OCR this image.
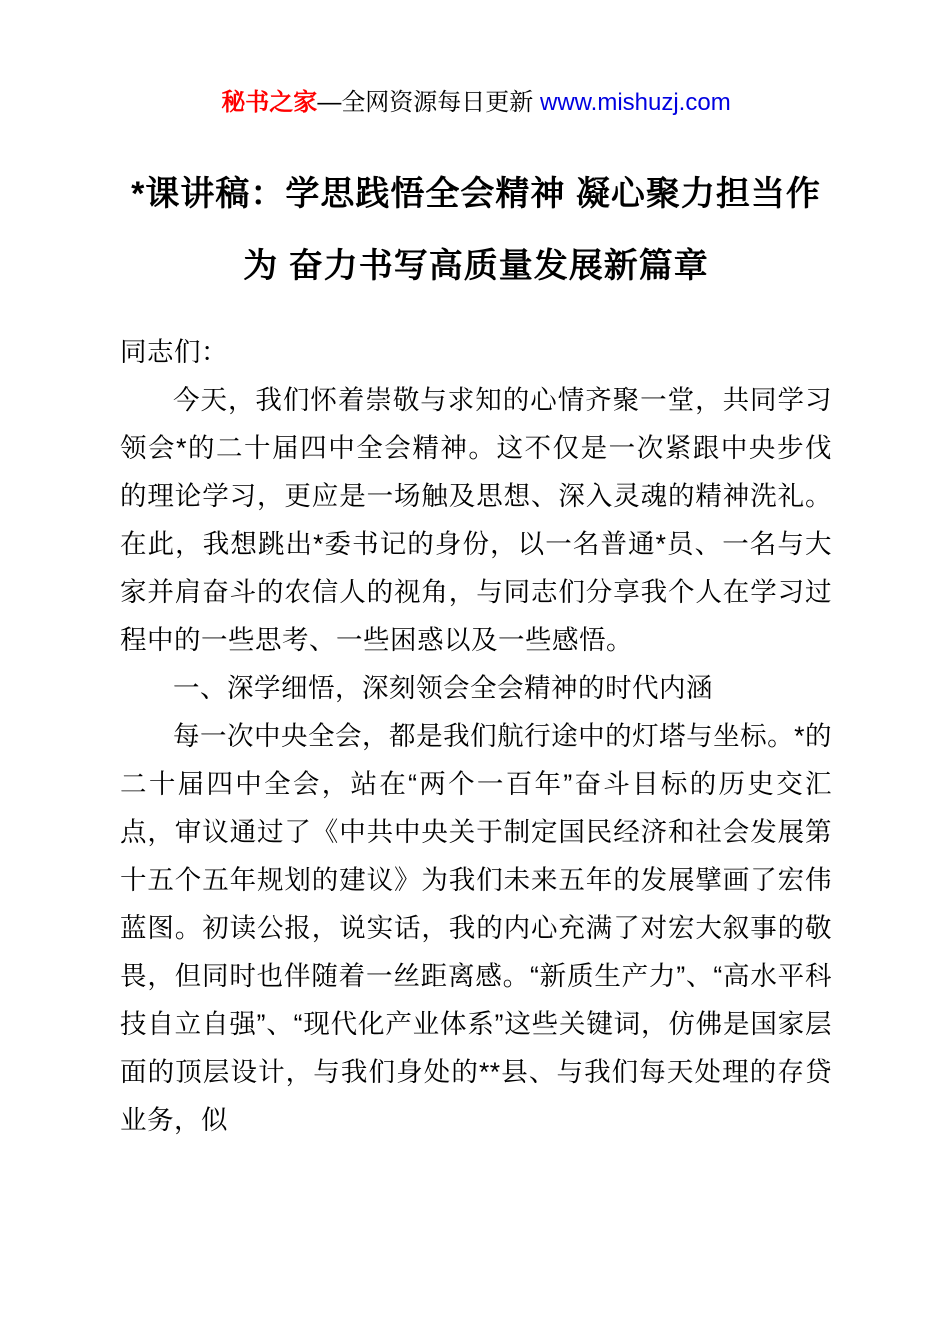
秘书之家—全网资源每日更新 www.mishuzj.com
*课讲稿：学思践悟全会精神 凝心聚力担当作为 奋力书写高质量发展新篇章

同志们：

今天，我们怀着崇敬与求知的心情齐聚一堂，共同学习领会*的二十届四中全会精神。这不仅是一次紧跟中央步伐的理论学习，更应是一场触及思想、深入灵魂的精神洗礼。在此，我想跳出*委书记的身份，以一名普通*员、一名与大家并肩奋斗的农信人的视角，与同志们分享我个人在学习过程中的一些思考、一些困惑以及一些感悟。

一、深学细悟，深刻领会全会精神的时代内涵

每一次中央全会，都是我们航行途中的灯塔与坐标。*的二十届四中全会，站在“两个一百年”奋斗目标的历史交汇点，审议通过了《中共中央关于制定国民经济和社会发展第十五个五年规划的建议》为我们未来五年的发展擘画了宏伟蓝图。初读公报，说实话，我的内心充满了对宏大叙事的敬畏，但同时也伴随着一丝距离感。“新质生产力”、“高水平科技自立自强”、“现代化产业体系”这些关键词，仿佛是国家层面的顶层设计，与我们身处的**县、与我们每天处理的存贷业务，似
